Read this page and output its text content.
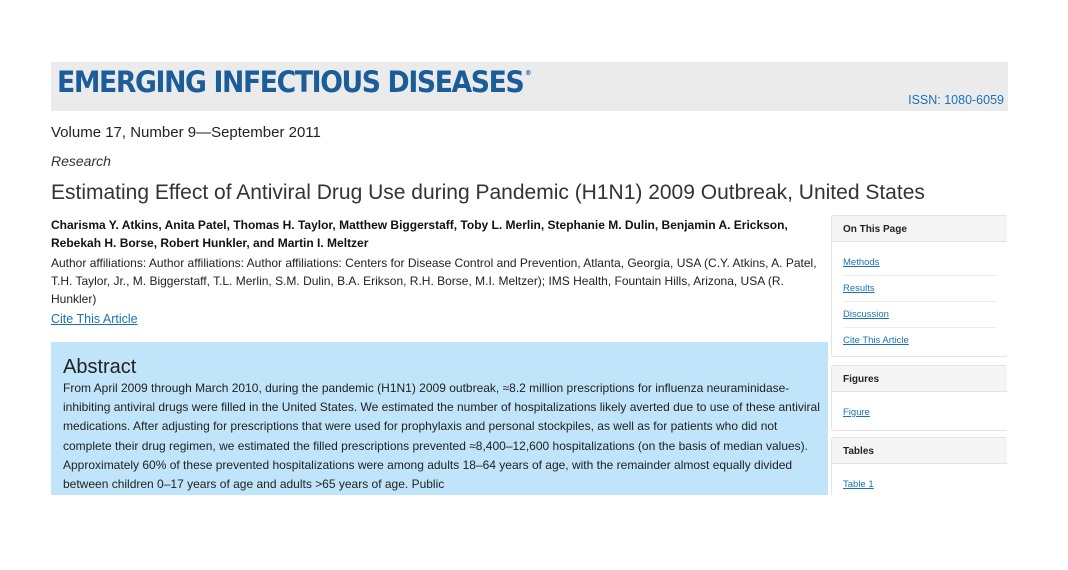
EMERGING INFECTIOUS DISEASES ®
ISSN: 1080-6059
Volume 17, Number 9—September 2011
Research
Estimating Effect of Antiviral Drug Use during Pandemic (H1N1) 2009 Outbreak, United States
Charisma Y. Atkins, Anita Patel, Thomas H. Taylor, Matthew Biggerstaff, Toby L. Merlin, Stephanie M. Dulin, Benjamin A. Erickson, Rebekah H. Borse, Robert Hunkler, and Martin I. Meltzer
Author affiliations: Author affiliations: Author affiliations: Centers for Disease Control and Prevention, Atlanta, Georgia, USA (C.Y. Atkins, A. Patel, T.H. Taylor, Jr., M. Biggerstaff, T.L. Merlin, S.M. Dulin, B.A. Erikson, R.H. Borse, M.I. Meltzer); IMS Health, Fountain Hills, Arizona, USA (R. Hunkler)
Cite This Article
Abstract

From April 2009 through March 2010, during the pandemic (H1N1) 2009 outbreak, ≈8.2 million prescriptions for influenza neuraminidase-inhibiting antiviral drugs were filled in the United States. We estimated the number of hospitalizations likely averted due to use of these antiviral medications. After adjusting for prescriptions that were used for prophylaxis and personal stockpiles, as well as for patients who did not complete their drug regimen, we estimated the filled prescriptions prevented ≈8,400–12,600 hospitalizations (on the basis of median values). Approximately 60% of these prevented hospitalizations were among adults 18–64 years of age, with the remainder almost equally divided between children 0–17 years of age and adults >65 years of age. Public

On This Page
Methods
Results
Discussion
Cite This Article
Figures
Figure
Tables
Table 1
